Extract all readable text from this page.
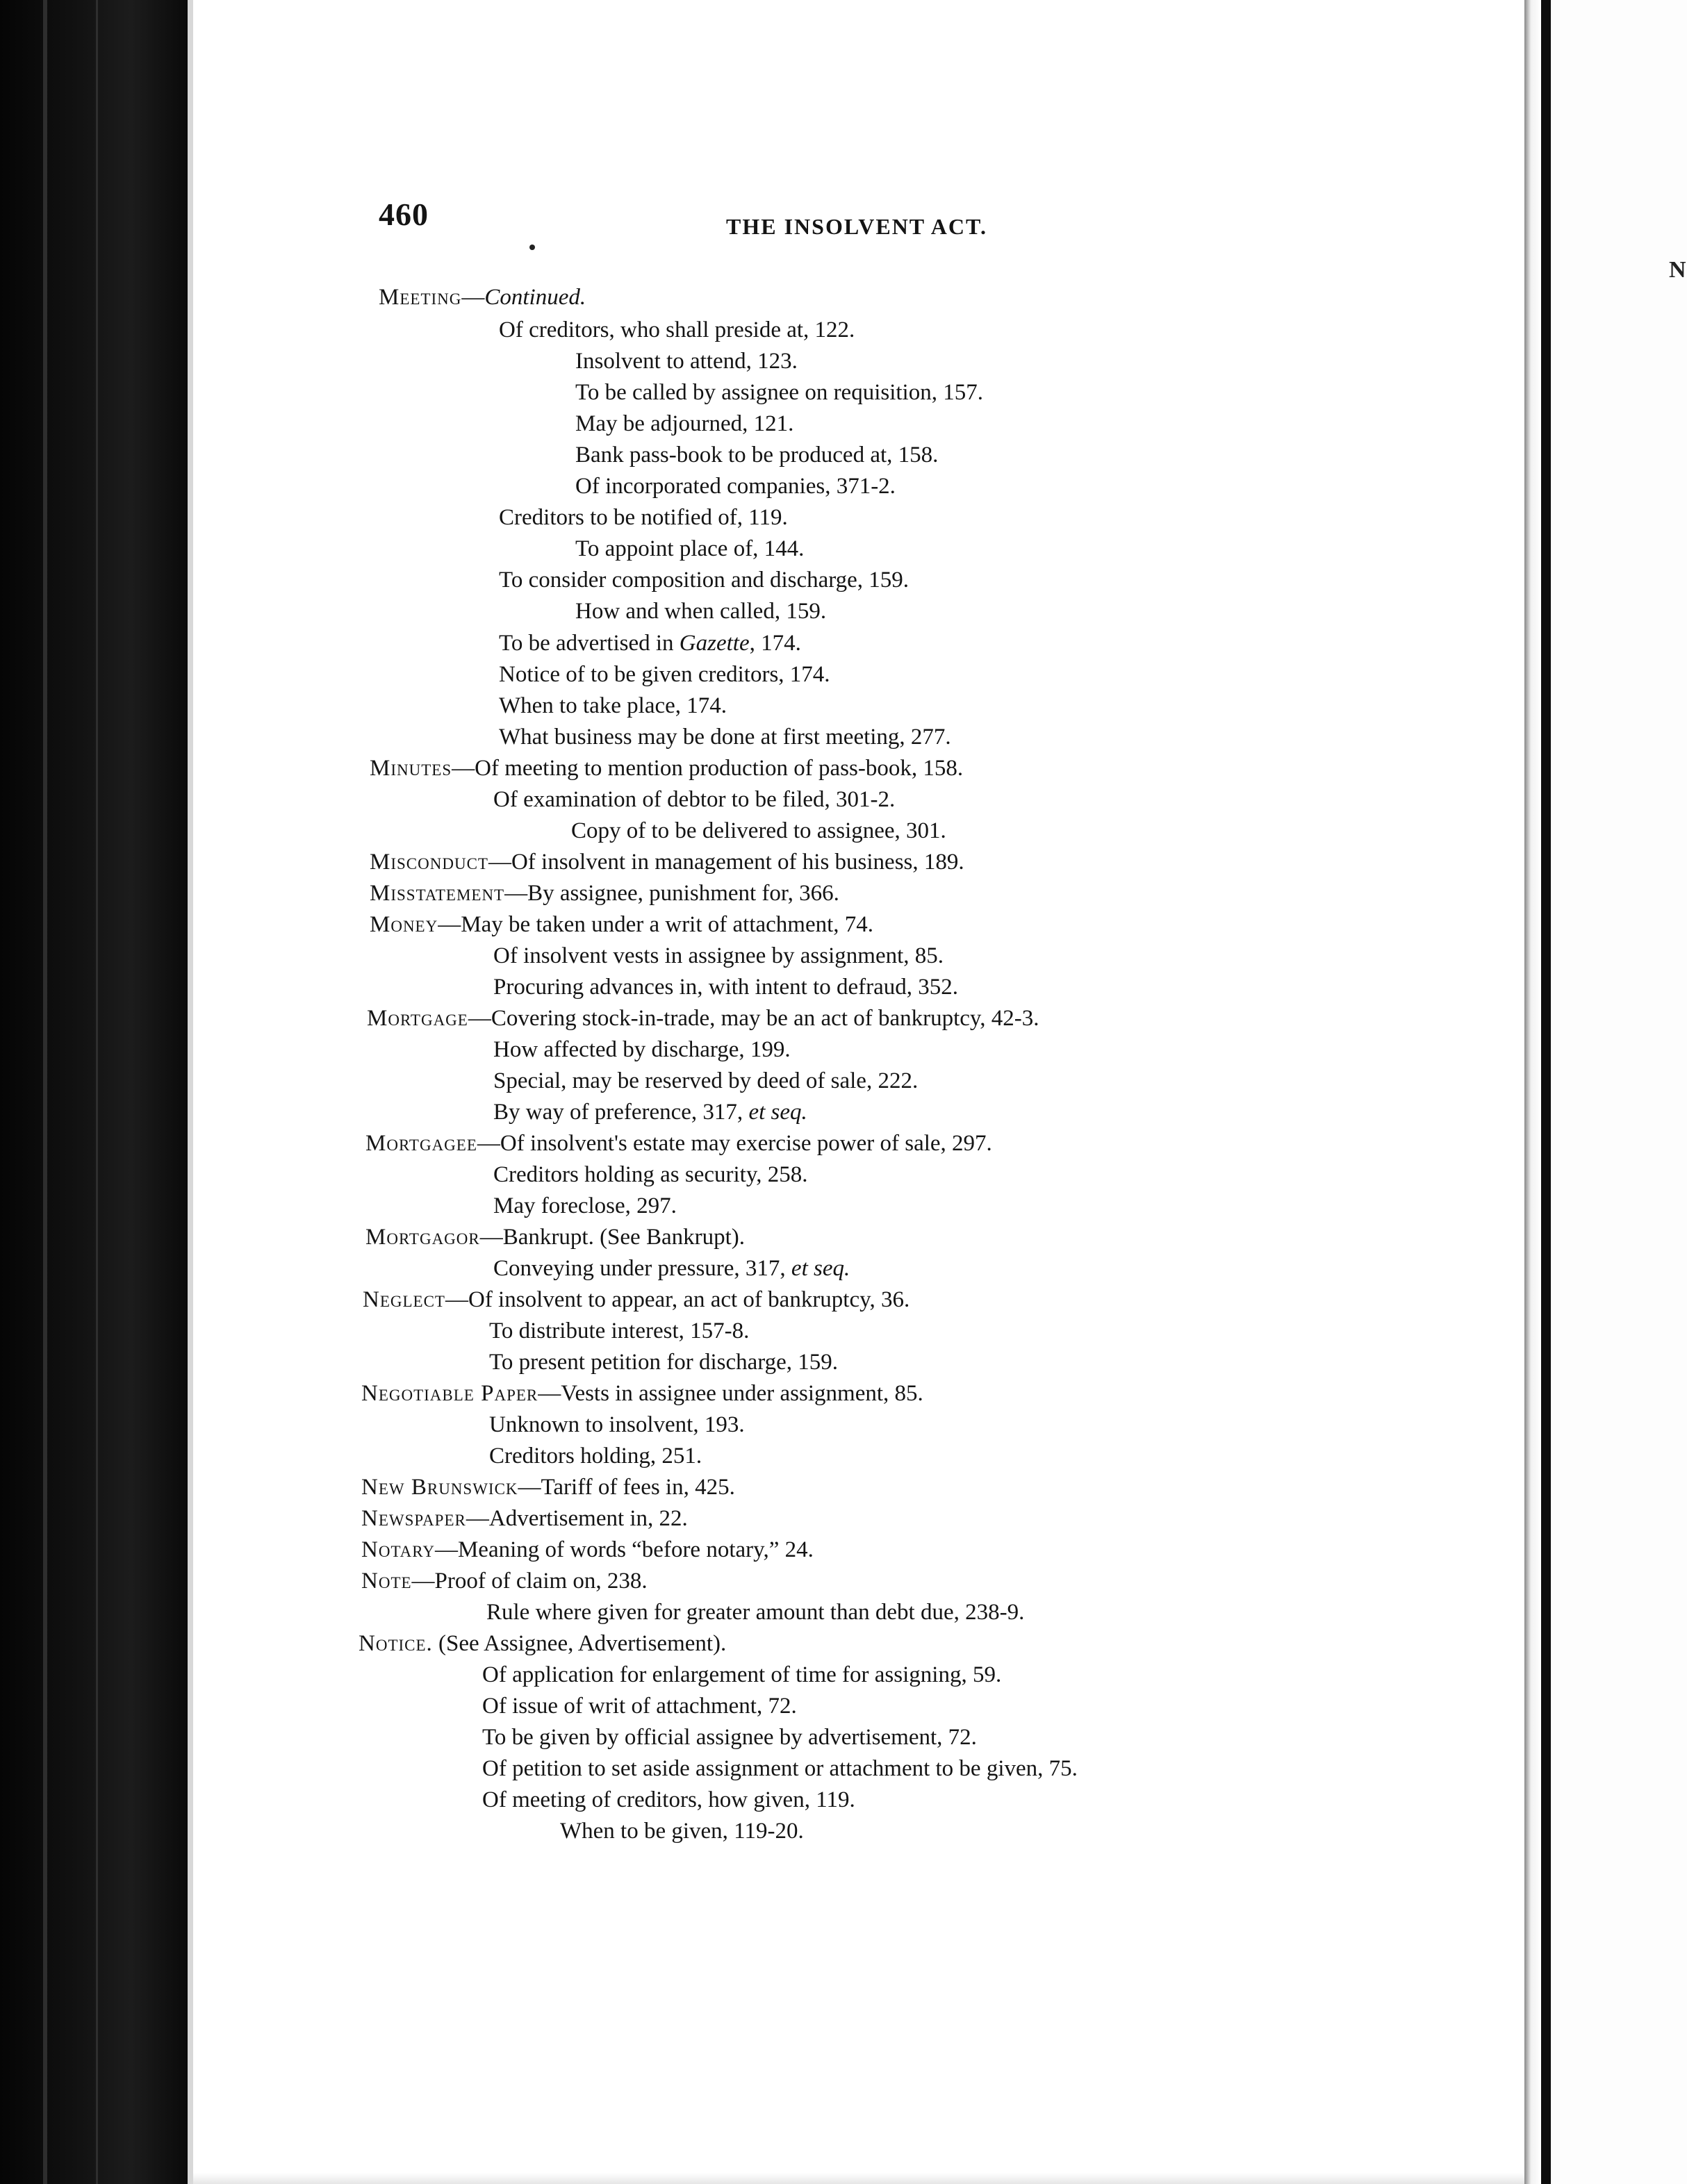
N
460	THE INSOLVENT ACT.
Meeting—Continued.
Of creditors, who shall preside at, 122.
Insolvent to attend, 123.
To be called by assignee on requisition, 157.
May be adjourned, 121.
Bank pass-book to be produced at, 158.
Of incorporated companies, 371-2.
Creditors to be notified of, 119.
To appoint place of, 144.
To consider composition and discharge, 159.
How and when called, 159.
To be advertised in Gazette, 174.
Notice of to be given creditors, 174.
When to take place, 174.
What business may be done at first meeting, 277.
Minutes—Of meeting to mention production of pass-book, 158.
Of examination of debtor to be filed, 301-2.
Copy of to be delivered to assignee, 301.
Misconduct—Of insolvent in management of his business, 189.
Misstatement—By assignee, punishment for, 366.
Money—May be taken under a writ of attachment, 74.
Of insolvent vests in assignee by assignment, 85.
Procuring advances in, with intent to defraud, 352.
Mortgage—Covering stock-in-trade, may be an act of bankruptcy, 42-3.
How affected by discharge, 199.
Special, may be reserved by deed of sale, 222.
By way of preference, 317, et seq.
Mortgagee—Of insolvent's estate may exercise power of sale, 297.
Creditors holding as security, 258.
May foreclose, 297.
Mortgagor—Bankrupt. (See Bankrupt).
Conveying under pressure, 317, et seq.
Neglect—Of insolvent to appear, an act of bankruptcy, 36.
To distribute interest, 157-8.
To present petition for discharge, 159.
Negotiable Paper—Vests in assignee under assignment, 85.
Unknown to insolvent, 193.
Creditors holding, 251.
New Brunswick—Tariff of fees in, 425.
Newspaper—Advertisement in, 22.
Notary—Meaning of words “before notary,” 24.
Note—Proof of claim on, 238.
Rule where given for greater amount than debt due, 238-9.
Notice. (See Assignee, Advertisement).
Of application for enlargement of time for assigning, 59.
Of issue of writ of attachment, 72.
To be given by official assignee by advertisement, 72.
Of petition to set aside assignment or attachment to be given, 75.
Of meeting of creditors, how given, 119.
When to be given, 119-20.
